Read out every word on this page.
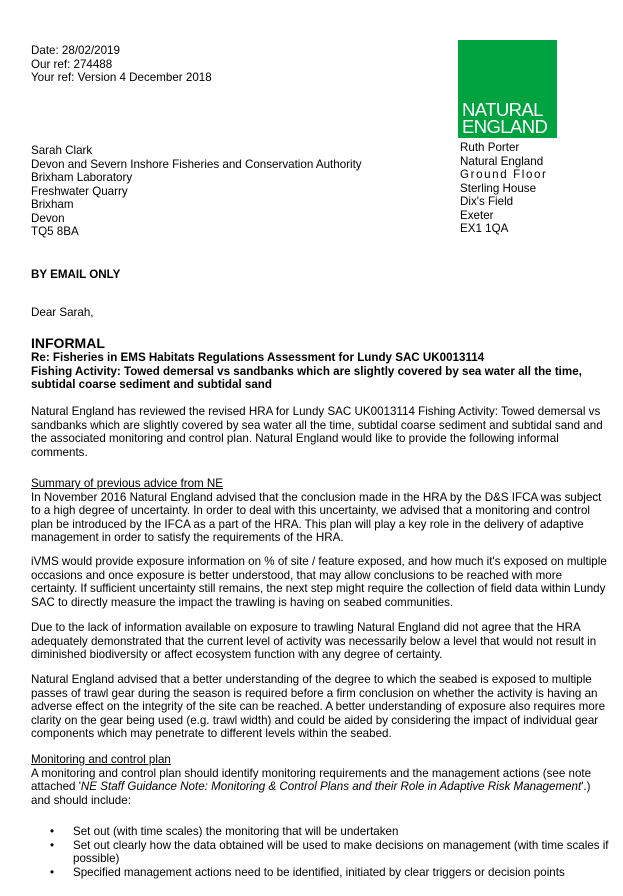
Date: 28/02/2019
Our ref: 274488
Your ref: Version 4 December 2018
NATURAL
ENGLAND
Ruth Porter
Natural England
Ground Floor
Sterling House
Dix's Field
Exeter
EX1 1QA
Sarah Clark
Devon and Severn Inshore Fisheries and Conservation Authority
Brixham Laboratory
Freshwater Quarry
Brixham
Devon
TQ5 8BA
BY EMAIL ONLY
Dear Sarah,
INFORMAL
Re: Fisheries in EMS Habitats Regulations Assessment for Lundy SAC UK0013114
Fishing Activity: Towed demersal vs sandbanks which are slightly covered by sea water all the time, subtidal coarse sediment and subtidal sand

Natural England has reviewed the revised HRA for Lundy SAC UK0013114 Fishing Activity: Towed demersal vs sandbanks which are slightly covered by sea water all the time, subtidal coarse sediment and subtidal sand and the associated monitoring and control plan. Natural England would like to provide the following informal comments.

Summary of previous advice from NE

In November 2016 Natural England advised that the conclusion made in the HRA by the D&S IFCA was subject to a high degree of uncertainty. In order to deal with this uncertainty, we advised that a monitoring and control plan be introduced by the IFCA as a part of the HRA. This plan will play a key role in the delivery of adaptive management in order to satisfy the requirements of the HRA.

iVMS would provide exposure information on % of site / feature exposed, and how much it's exposed on multiple occasions and once exposure is better understood, that may allow conclusions to be reached with more certainty. If sufficient uncertainty still remains, the next step might require the collection of field data within Lundy SAC to directly measure the impact the trawling is having on seabed communities.

Due to the lack of information available on exposure to trawling Natural England did not agree that the HRA adequately demonstrated that the current level of activity was necessarily below a level that would not result in diminished biodiversity or affect ecosystem function with any degree of certainty.

Natural England advised that a better understanding of the degree to which the seabed is exposed to multiple passes of trawl gear during the season is required before a firm conclusion on whether the activity is having an adverse effect on the integrity of the site can be reached. A better understanding of exposure also requires more clarity on the gear being used (e.g. trawl width) and could be aided by considering the impact of individual gear components which may penetrate to different levels within the seabed.

Monitoring and control plan

A monitoring and control plan should identify monitoring requirements and the management actions (see note attached 'NE Staff Guidance Note: Monitoring & Control Plans and their Role in Adaptive Risk Management'.) and should include:

• Set out (with time scales) the monitoring that will be undertaken
• Set out clearly how the data obtained will be used to make decisions on management (with time scales if possible)
• Specified management actions need to be identified, initiated by clear triggers or decision points
